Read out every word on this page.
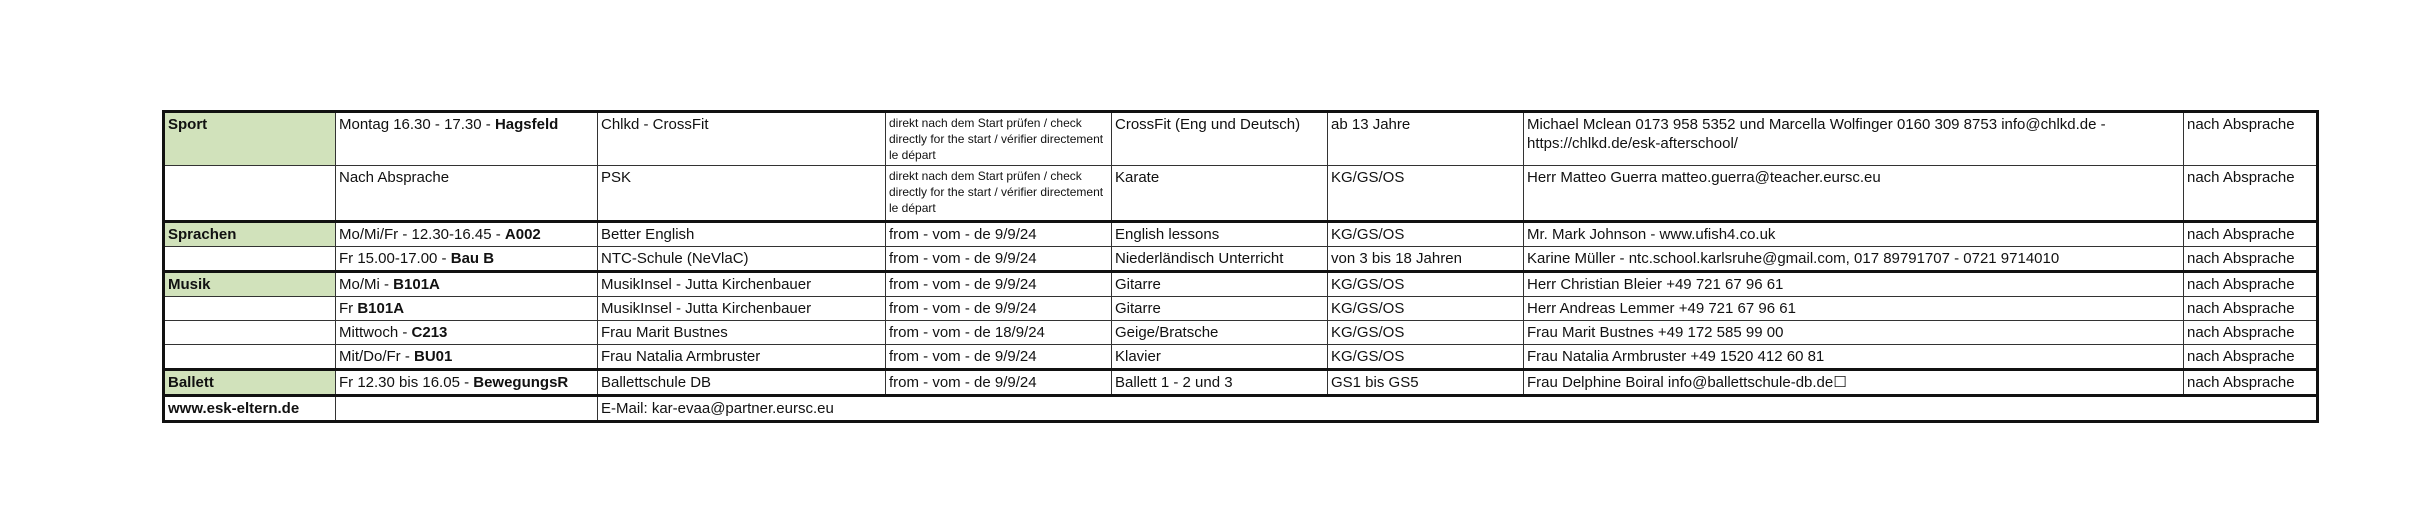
Sport	Montag 16.30 - 17.30 - Hagsfeld	Chlkd - CrossFit	direkt nach dem Start prüfen / check directly for the start / vérifier directement le départ	CrossFit (Eng und Deutsch)	ab 13 Jahre	Michael Mclean 0173 958 5352 und Marcella Wolfinger 0160 309 8753 info@chlkd.de - https://chlkd.de/esk-afterschool/	nach Absprache
	Nach Absprache	PSK	direkt nach dem Start prüfen / check directly for the start / vérifier directement le départ	Karate	KG/GS/OS	Herr Matteo Guerra matteo.guerra@teacher.eursc.eu	nach Absprache
Sprachen	Mo/Mi/Fr - 12.30-16.45 - A002	Better English	from - vom - de 9/9/24	English lessons	KG/GS/OS	Mr. Mark Johnson - www.ufish4.co.uk	nach Absprache
	Fr 15.00-17.00 - Bau B	NTC-Schule (NeVlaC)	from - vom - de 9/9/24	Niederländisch Unterricht	von 3 bis 18 Jahren	Karine Müller - ntc.school.karlsruhe@gmail.com, 017 89791707 - 0721 9714010	nach Absprache
Musik	Mo/Mi - B101A	MusikInsel - Jutta Kirchenbauer	from - vom - de 9/9/24	Gitarre	KG/GS/OS	Herr Christian Bleier +49 721 67 96 61	nach Absprache
	Fr B101A	MusikInsel - Jutta Kirchenbauer	from - vom - de 9/9/24	Gitarre	KG/GS/OS	Herr Andreas Lemmer +49 721 67 96 61	nach Absprache
	Mittwoch - C213	Frau Marit Bustnes	from - vom - de 18/9/24	Geige/Bratsche	KG/GS/OS	Frau Marit Bustnes +49 172 585 99 00	nach Absprache
	Mit/Do/Fr - BU01	Frau Natalia Armbruster	from - vom - de 9/9/24	Klavier	KG/GS/OS	Frau Natalia Armbruster +49 1520 412 60 81	nach Absprache
Ballett	Fr 12.30 bis 16.05 - BewegungsR	Ballettschule DB	from - vom - de 9/9/24	Ballett 1 - 2 und 3	GS1 bis GS5	Frau Delphine Boiral info@ballettschule-db.de☐	nach Absprache
www.esk-eltern.de		E-Mail: kar-evaa@partner.eursc.eu					
